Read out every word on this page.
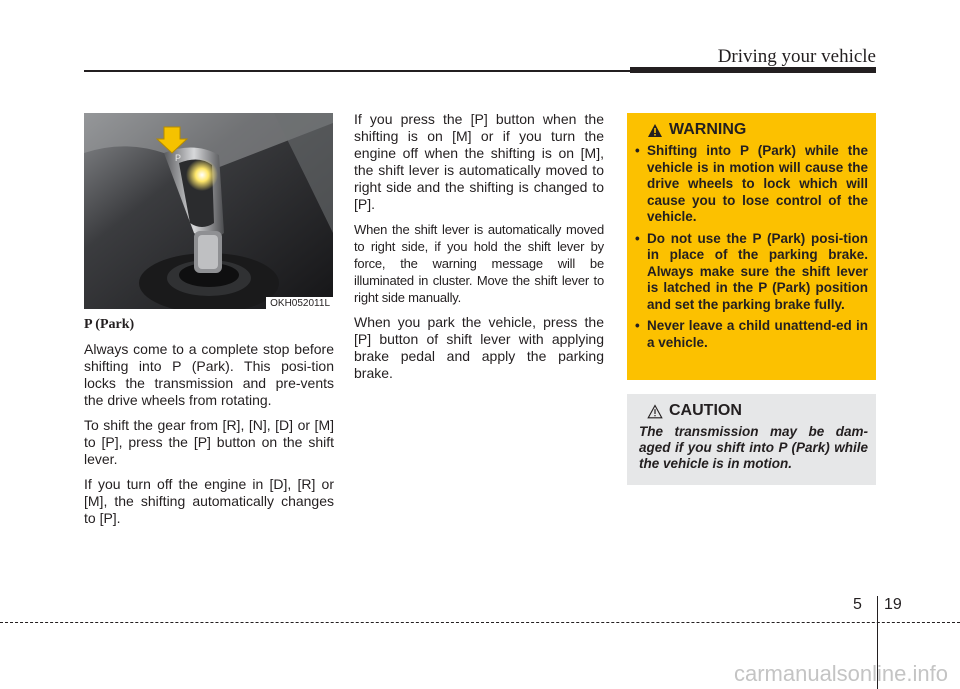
Driving your vehicle
P
OKH052011L

P (Park)

Always come to a complete stop before shifting into P (Park). This posi-tion locks the transmission and pre-vents the drive wheels from rotating.

To shift the gear from [R], [N], [D] or [M] to [P], press the [P] button on the shift lever.

If you turn off the engine in [D], [R] or [M], the shifting automatically changes to [P].

If you press the [P] button when the shifting is on [M] or if you turn the engine off when the shifting is on [M], the shift lever is automatically moved to right side and the shifting is changed to [P].

When the shift lever is automatically moved to right side, if you hold the shift lever by force, the warning message will be illuminated in cluster. Move the shift lever to right side manually.

When you park the vehicle, press the [P] button of shift lever with applying brake pedal and apply the parking brake.

WARNING
• Shifting into P (Park) while the vehicle is in motion will cause the drive wheels to lock which will cause you to lose control of the vehicle.
• Do not use the P (Park) posi-tion in place of the parking brake. Always make sure the shift lever is latched in the P (Park) position and set the parking brake fully.
• Never leave a child unattend-ed in a vehicle.
CAUTION

The transmission may be dam-aged if you shift into P (Park) while the vehicle is in motion.

5 19
carmanualsonline.info
